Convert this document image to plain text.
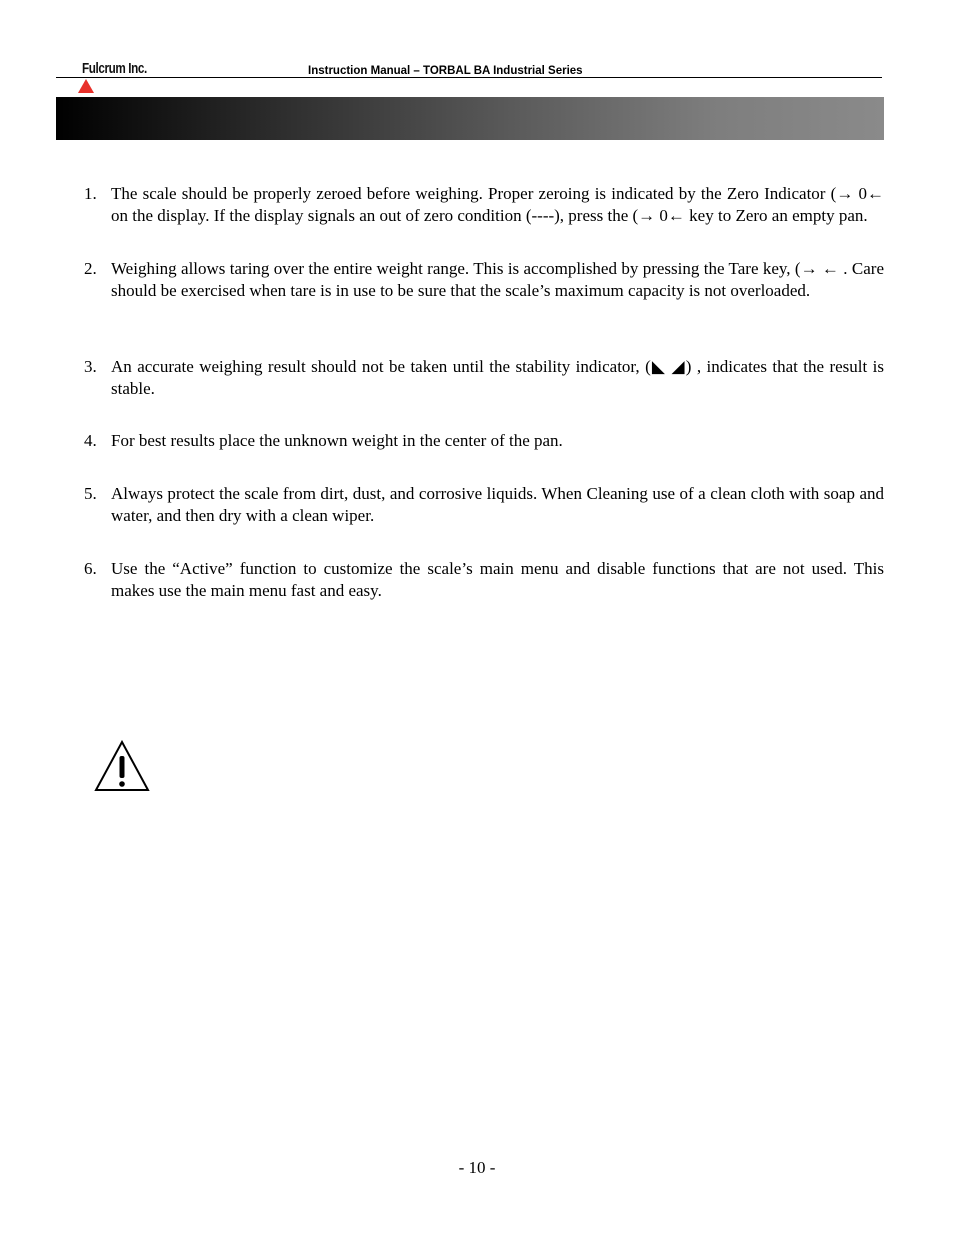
Fulcrum Inc.	Instruction Manual – TORBAL BA Industrial Series
1. The scale should be properly zeroed before weighing. Proper zeroing is indicated by the Zero Indicator (→ 0← on the display. If the display signals an out of zero condition (----), press the (→ 0← key to Zero an empty pan.
2. Weighing allows taring over the entire weight range. This is accomplished by pressing the Tare key, (→ ← . Care should be exercised when tare is in use to be sure that the scale’s maximum capacity is not overloaded.
3. An accurate weighing result should not be taken until the stability indicator, (◣ ◢) , indicates that the result is stable.
4. For best results place the unknown weight in the center of the pan.
5. Always protect the scale from dirt, dust, and corrosive liquids. When Cleaning use of a clean cloth with soap and water, and then dry with a clean wiper.
6. Use the “Active” function to customize the scale’s main menu and disable functions that are not used. This makes use the main menu fast and easy.
- 10 -
